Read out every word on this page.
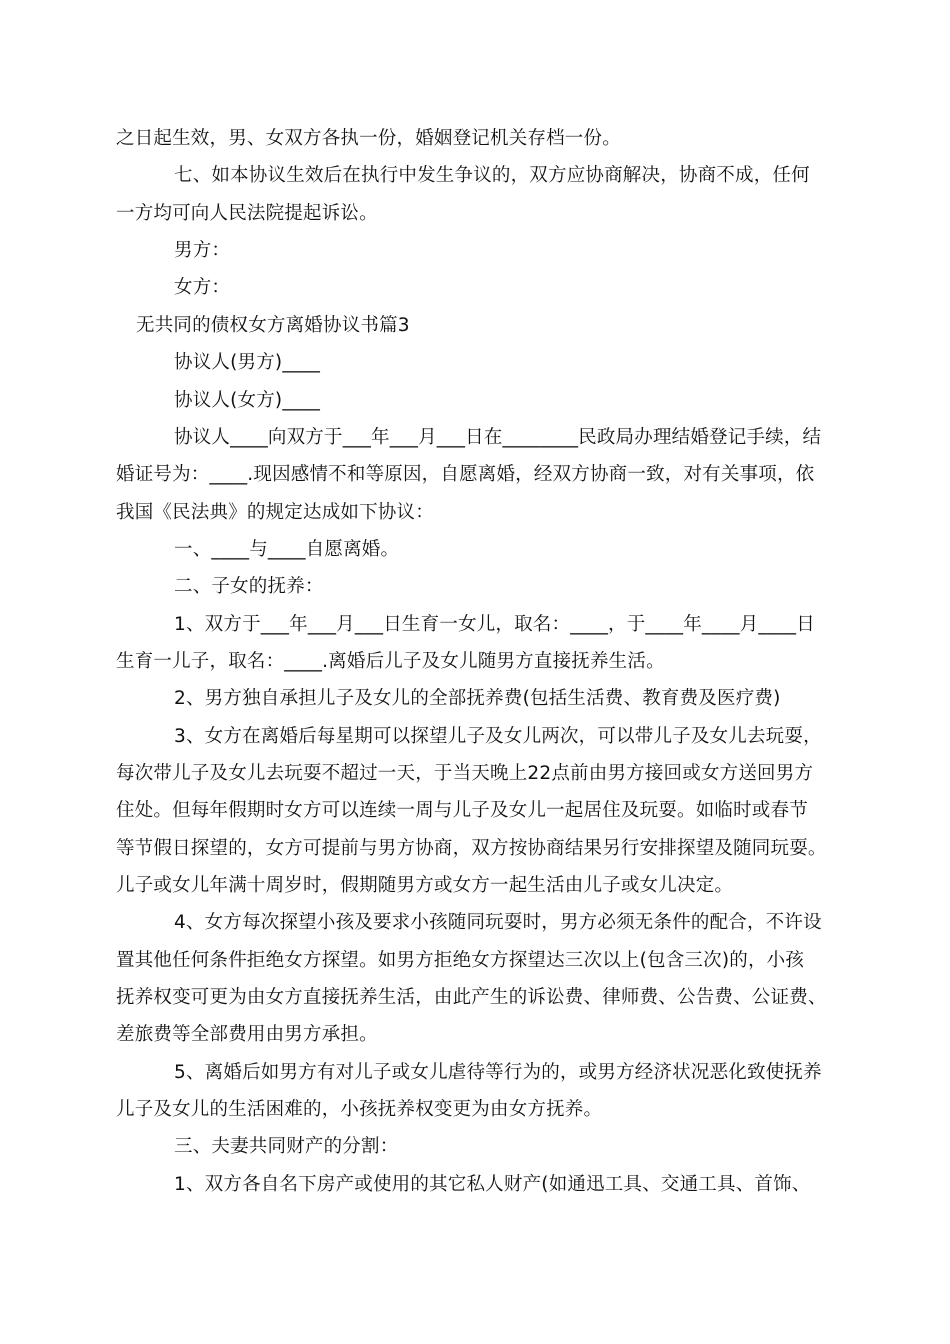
之日起生效，男、女双方各执一份，婚姻登记机关存档一份。
七、如本协议生效后在执行中发生争议的，双方应协商解决，协商不成，任何
一方均可向人民法院提起诉讼。
男方：
女方：
无共同的债权女方离婚协议书篇3
协议人(男方)____
协议人(女方)____
协议人____向双方于___年___月___日在________民政局办理结婚登记手续，结
婚证号为：____.现因感情不和等原因，自愿离婚，经双方协商一致，对有关事项，依
我国《民法典》的规定达成如下协议：
一、____与____自愿离婚。
二、子女的抚养：
1、双方于___年___月___日生育一女儿，取名：____，于____年____月____日
生育一儿子，取名：____.离婚后儿子及女儿随男方直接抚养生活。
2、男方独自承担儿子及女儿的全部抚养费(包括生活费、教育费及医疗费)
3、女方在离婚后每星期可以探望儿子及女儿两次，可以带儿子及女儿去玩耍，
每次带儿子及女儿去玩耍不超过一天，于当天晚上22点前由男方接回或女方送回男方
住处。但每年假期时女方可以连续一周与儿子及女儿一起居住及玩耍。如临时或春节
等节假日探望的，女方可提前与男方协商，双方按协商结果另行安排探望及随同玩耍。
儿子或女儿年满十周岁时，假期随男方或女方一起生活由儿子或女儿决定。
4、女方每次探望小孩及要求小孩随同玩耍时，男方必须无条件的配合，不许设
置其他任何条件拒绝女方探望。如男方拒绝女方探望达三次以上(包含三次)的，小孩
抚养权变可更为由女方直接抚养生活，由此产生的诉讼费、律师费、公告费、公证费、
差旅费等全部费用由男方承担。
5、离婚后如男方有对儿子或女儿虐待等行为的，或男方经济状况恶化致使抚养
儿子及女儿的生活困难的，小孩抚养权变更为由女方抚养。
三、夫妻共同财产的分割：
1、双方各自名下房产或使用的其它私人财产(如通迅工具、交通工具、首饰、
